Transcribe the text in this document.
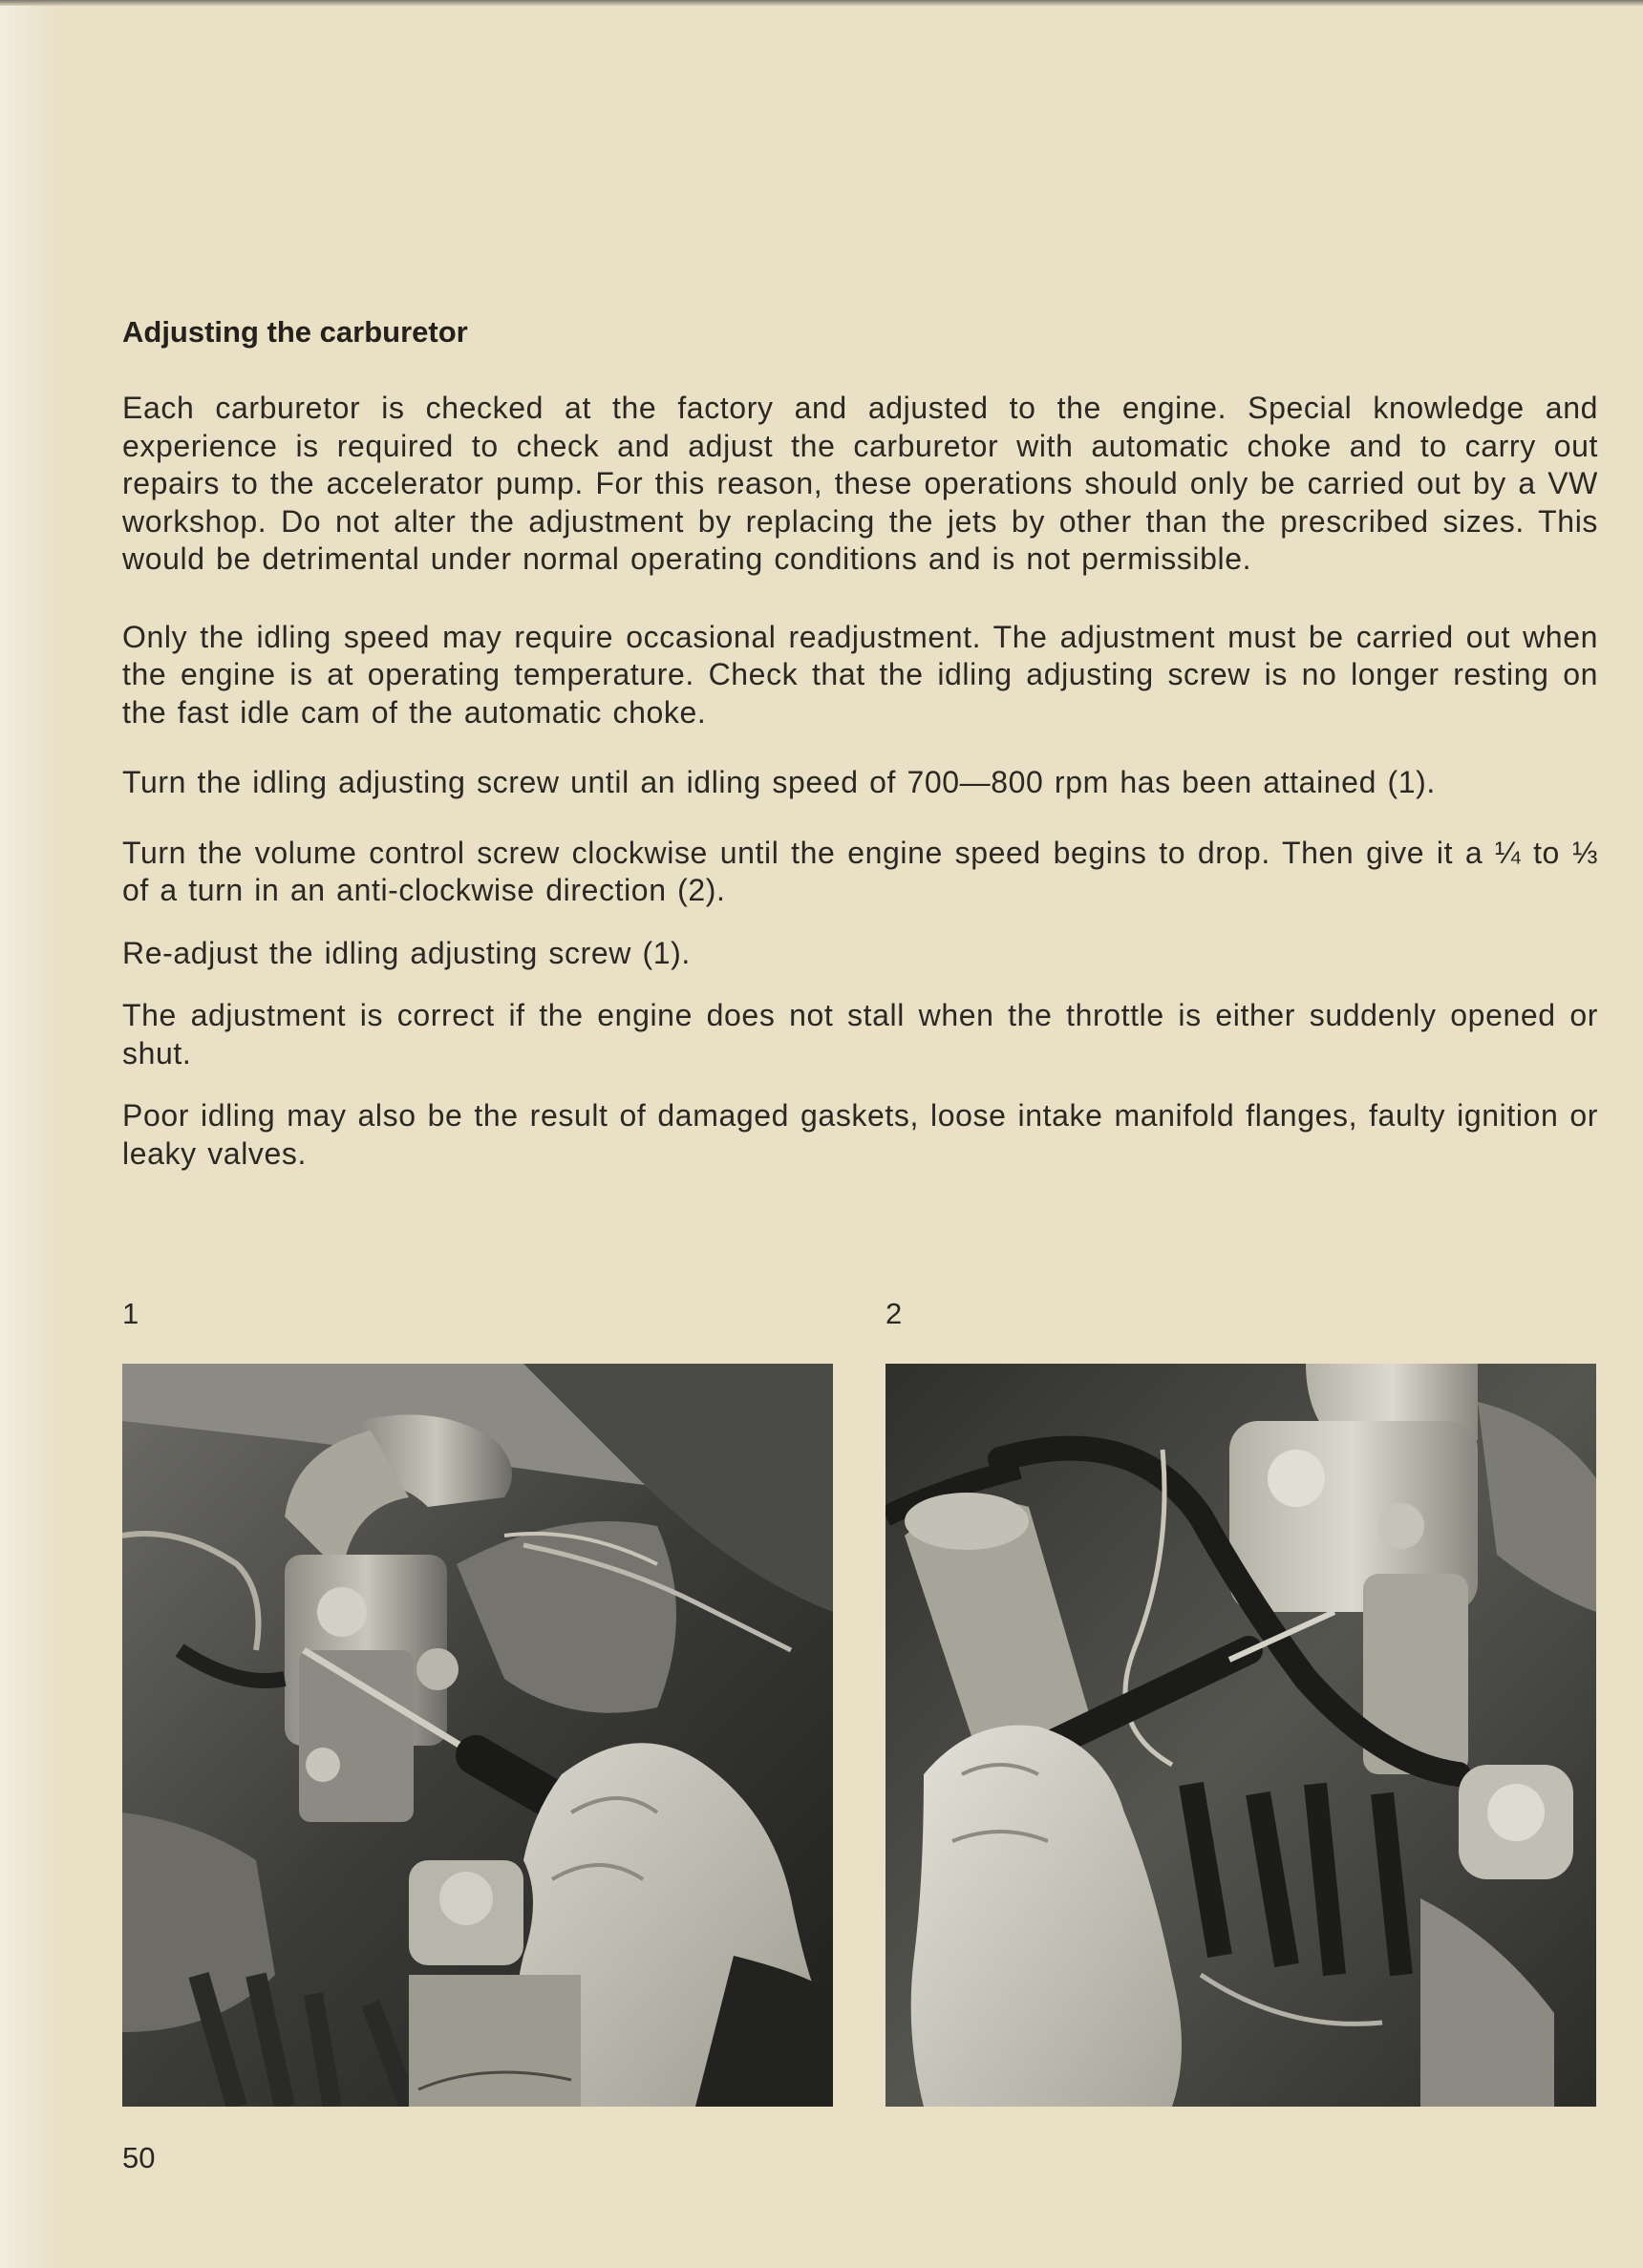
Adjusting the carburetor

Each carburetor is checked at the factory and adjusted to the engine. Special knowledge and experience is required to check and adjust the carburetor with automatic choke and to carry out repairs to the accelerator pump. For this reason, these operations should only be carried out by a VW workshop. Do not alter the adjustment by replacing the jets by other than the prescribed sizes. This would be detrimental under normal operating conditions and is not permissible.

Only the idling speed may require occasional readjustment. The adjustment must be carried out when the engine is at operating temperature. Check that the idling adjusting screw is no longer resting on the fast idle cam of the automatic choke.

Turn the idling adjusting screw until an idling speed of 700—800 rpm has been attained (1).

Turn the volume control screw clockwise until the engine speed begins to drop. Then give it a ¼ to ⅓ of a turn in an anti-clockwise direction (2).

Re-adjust the idling adjusting screw (1).

The adjustment is correct if the engine does not stall when the throttle is either suddenly opened or shut.

Poor idling may also be the result of damaged gaskets, loose intake manifold flanges, faulty ignition or leaky valves.

1	2
50
